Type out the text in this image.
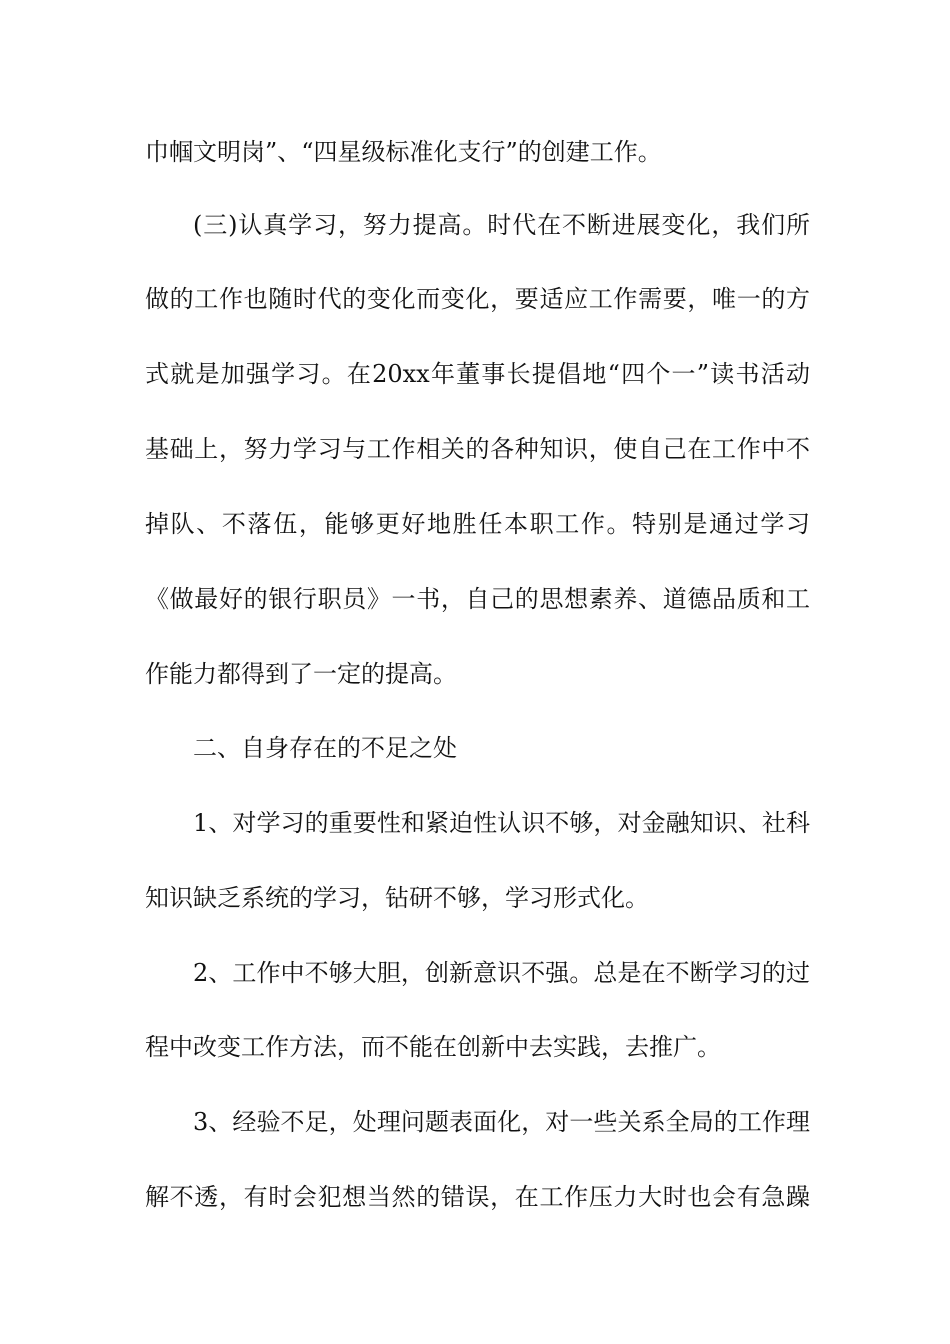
巾帼文明岗”、“四星级标准化支行”的创建工作。
(三)认真学习，努力提高。时代在不断进展变化，我们所
做的工作也随时代的变化而变化，要适应工作需要，唯一的方
式就是加强学习。在20xx年董事长提倡地“四个一”读书活动
基础上，努力学习与工作相关的各种知识，使自己在工作中不
掉队、不落伍，能够更好地胜任本职工作。特别是通过学习
《做最好的银行职员》一书，自己的思想素养、道德品质和工
作能力都得到了一定的提高。
二、自身存在的不足之处
1、对学习的重要性和紧迫性认识不够，对金融知识、社科
知识缺乏系统的学习，钻研不够，学习形式化。
2、工作中不够大胆，创新意识不强。总是在不断学习的过
程中改变工作方法，而不能在创新中去实践，去推广。
3、经验不足，处理问题表面化，对一些关系全局的工作理
解不透，有时会犯想当然的错误，在工作压力大时也会有急躁
